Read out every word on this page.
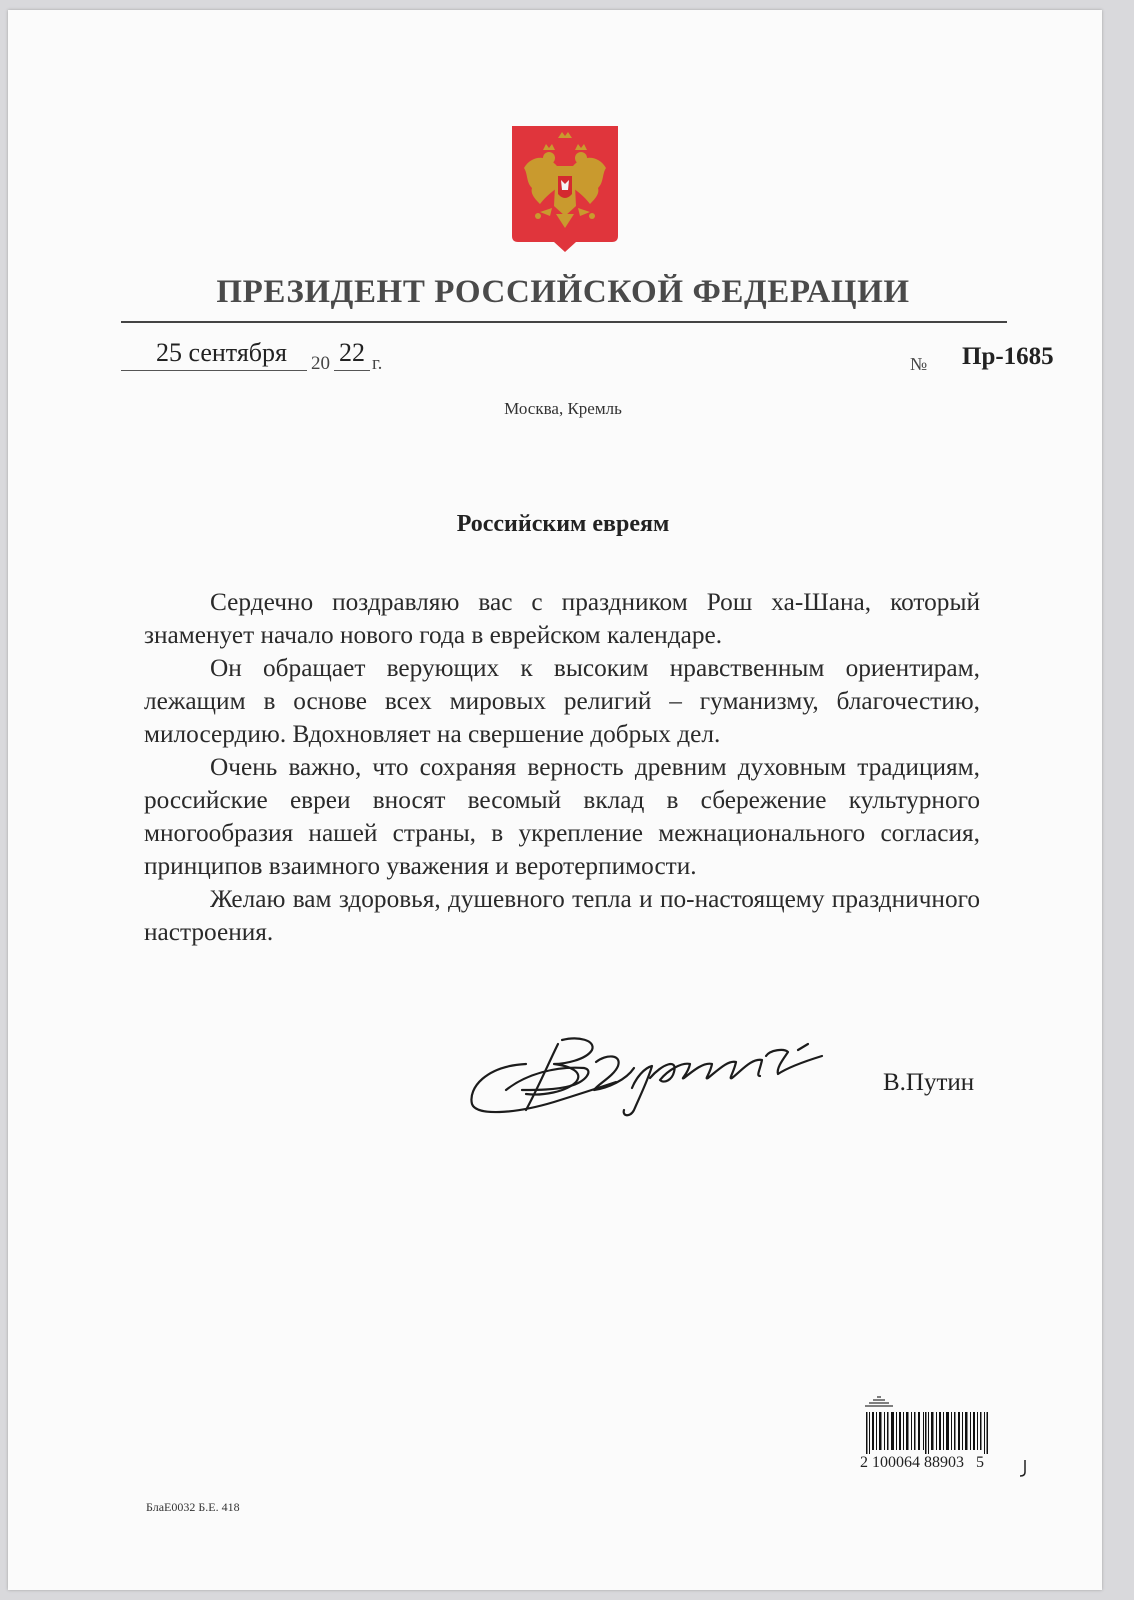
ПРЕЗИДЕНТ РОССИЙСКОЙ ФЕДЕРАЦИИ
25 сентября 20 22 г.	№ Пр-1685
Москва, Кремль
Российским евреям

Сердечно поздравляю вас с праздником Рош ха-Шана, который знаменует начало нового года в еврейском календаре.

Он обращает верующих к высоким нравственным ориентирам, лежащим в основе всех мировых религий – гуманизму, благочестию, милосердию. Вдохновляет на свершение добрых дел.

Очень важно, что сохраняя верность древним духовным традициям, российские евреи вносят весомый вклад в сбережение культурного многообразия нашей страны, в укрепление межнационального согласия, принципов взаимного уважения и веротерпимости.

Желаю вам здоровья, душевного тепла и по-настоящему праздничного настроения.

В.Путин
2 100064 88903   5
БлаЕ0032 Б.Е. 418
